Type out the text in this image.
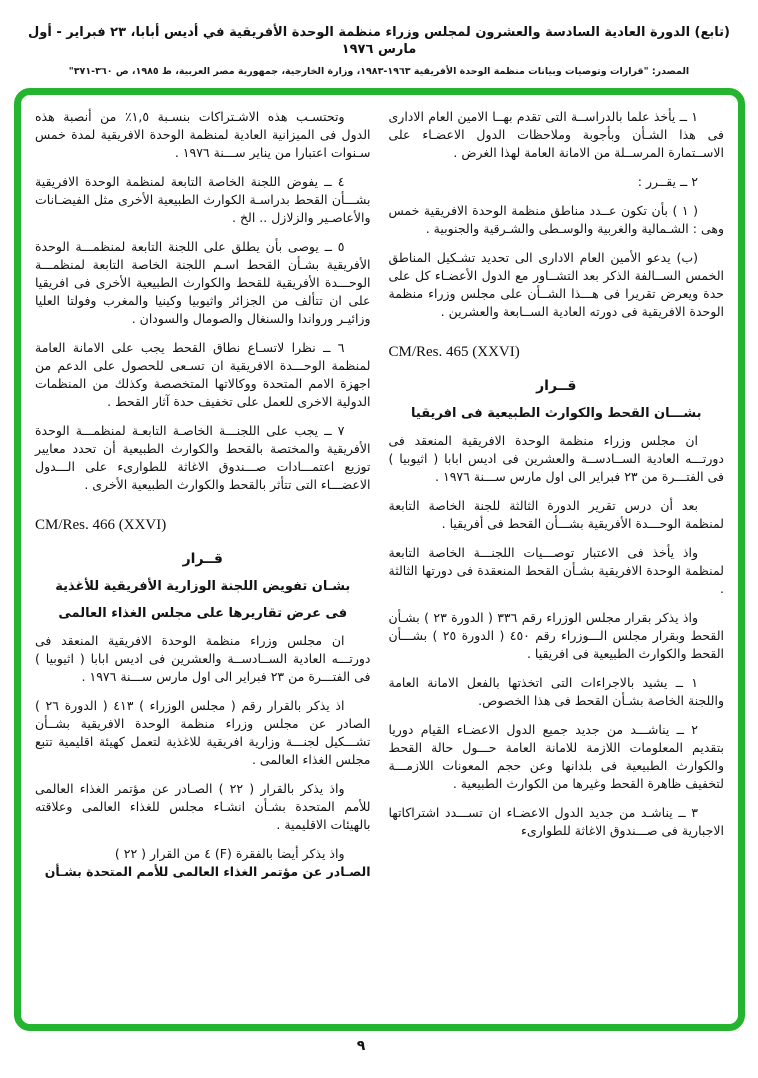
(تابع) الدورة العادية السادسة والعشرون لمجلس وزراء منظمة الوحدة الأفريقية في أديس أبابا، ٢٣ فبراير - أول مارس ١٩٧٦
المصدر: "قرارات وتوصيات وبيانات منظمة الوحدة الأفريقية ١٩٦٣-١٩٨٣، وزارة الخارجية، جمهورية مصر العربية، ط ١٩٨٥، ص ٣٦٠-٣٧١"

١ ــ يأخذ علما بالدراســة التى تقدم بهــا الامين العام الادارى فى هذا الشـأن وبأجوبة وملاحظات الدول الاعضـاء على الاســتمارة المرســلة من الامانة العامة لهذا الغرض .

٢ ــ يقــرر :

( ١ ) بأن تكون عــدد مناطق منظمة الوحدة الافريقية خمس وهى : الشـمالية والغربية والوسـطى والشـرقية والجنوبية .

(ب) يدعو الأمين العام الادارى الى تحديد تشـكيل المناطق الخمس الســالفة الذكر بعد التشــاور مع الدول الأعضـاء كل على حدة ويعرض تقريرا فى هـــذا الشــأن على مجلس وزراء منظمة الوحدة الافريقية فى دورته العادية الســابعة والعشرين .

CM/Res. 465 (XXVI)

قــرار

بشـــان القحط والكوارث الطبيعية فى افريقيا

ان مجلس وزراء منظمة الوحدة الافريقية المنعقد فى دورتـــه العادية الســادســة والعشرين فى اديس ابابا ( اثيوبيا ) فى الفتـــرة من ٢٣ فبراير الى اول مارس ســـنة ١٩٧٦ .

بعد أن درس تقرير الدورة الثالثة للجنة الخاصة التابعة لمنظمة الوحـــدة الأفريقية بشـــأن القحط فى أفريقيا .

واذ يأخذ فى الاعتبار توصـــيات اللجنـــة الخاصة التابعة لمنظمة الوحدة الافريقية بشـأن القحط المنعقدة فى دورتها الثالثة .

واذ يذكر بقرار مجلس الوزراء رقم ٣٣٦ ( الدورة ٢٣ ) بشـأن القحط وبقرار مجلس الـــوزراء رقم ٤٥٠ ( الدورة ٢٥ ) بشـــأن القحط والكوارث الطبيعية فى افريقيا .

١ ــ يشيد بالاجراءات التى اتخذتها بالفعل الامانة العامة واللجنة الخاصة بشـأن القحط فى هذا الخصوص.

٢ ــ يناشـــد من جديد جميع الدول الاعضـاء القيام دوريا بتقديم المعلومات اللازمة للامانة العامة حـــول حالة القحط والكوارث الطبيعية فى بلدانها وعن حجم المعونات اللازمـــة لتخفيف ظاهرة القحط وغيرها من الكوارث الطبيعية .

٣ ــ يناشـد من جديد الدول الاعضـاء ان تســـدد اشتراكاتها الاجبارية فى صـــندوق الاغاثة للطوارىء

وتحتسـب هذه الاشـتراكات بنسـبة ١,٥٪ من أنصبة هذه الدول فى الميزانية العادية لمنظمة الوحدة الافريقية لمدة خمس سـنوات اعتبارا من يناير ســـنة ١٩٧٦ .

٤ ــ يفوض اللجنة الخاصة التابعة لمنظمة الوحدة الافريقية بشـــأن القحط بدراسـة الكوارث الطبيعية الأخرى مثل الفيضـانات والأعاصـير والزلازل .. الخ .

٥ ــ يوصى بأن يطلق على اللجنة التابعة لمنظمـــة الوحدة الأفريقية بشـأن القحط اسـم اللجنة الخاصة التابعة لمنظمـــة الوحـــدة الأفريقية للقحط والكوارث الطبيعية الأخرى فى افريقيا على ان تتألف من الجزائر واثيوبيا وكينيا والمغرب وفولتا العليا وزائيـر ورواندا والسنغال والصومال والسودان .

٦ ــ نظرا لاتسـاع نطاق القحط يجب على الامانة العامة لمنظمة الوحـــدة الافريقية ان تسـعى للحصول على الدعم من اجهزة الامم المتحدة ووكالاتها المتخصصة وكذلك من المنظمات الدولية الاخرى للعمل على تخفيف حدة آثار القحط .

٧ ــ يجب على اللجنـــة الخاصـة التابعـة لمنظمـــة الوحدة الأفريقية والمختصة بالقحط والكوارث الطبيعية أن تحدد معايير توزيع اعتمـــادات صـــندوق الاغاثة للطوارىء على الـــدول الاعضـــاء التى تتأثر بالقحط والكوارث الطبيعية الأخرى .

CM/Res. 466 (XXVI)

قــرار

بشـان تفويض اللجنة الوزارية الأفريقية للأغذية

فى عرض تقاريرها على مجلس الغذاء العالمى

ان مجلس وزراء منظمة الوحدة الافريقية المنعقد فى دورتـــه العادية الســادســة والعشرين فى اديس ابابا ( اثيوبيا ) فى الفتـــرة من ٢٣ فبراير الى اول مارس ســـنة ١٩٧٦ .

اذ يذكر بالقرار رقم ( مجلس الوزراء ) ٤١٣ ( الدورة ٢٦ ) الصادر عن مجلس وزراء منظمة الوحدة الافريقية بشــأن تشـــكيل لجنـــة وزارية افريقية للاغذية لتعمل كهيئة اقليمية تتبع مجلس الغذاء العالمى .

واذ يذكر بالقرار ( ٢٢ ) الصـادر عن مؤتمر الغذاء العالمى للأمم المتحدة بشـأن انشـاء مجلس للغذاء العالمى وعلاقته بالهيئات الاقليمية .

واذ يذكر أيضا بالفقرة (F) ٤ من القرار ( ٢٢ )

الصـادر عن مؤتمر الغذاء العالمى للأمم المتحدة بشـأن

٩
